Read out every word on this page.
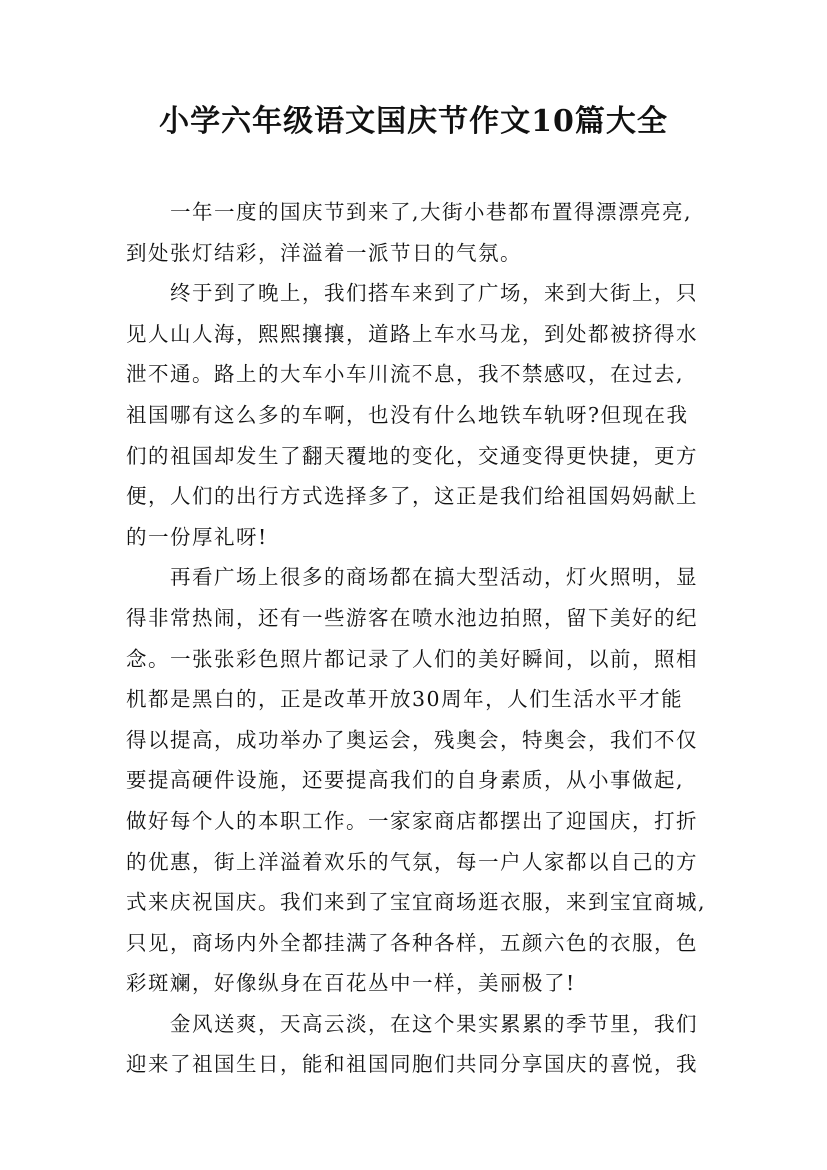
小学六年级语文国庆节作文10篇大全
一年一度的国庆节到来了,大街小巷都布置得漂漂亮亮,
到处张灯结彩，洋溢着一派节日的气氛。
终于到了晚上，我们搭车来到了广场，来到大街上，只
见人山人海，熙熙攘攘，道路上车水马龙，到处都被挤得水
泄不通。路上的大车小车川流不息，我不禁感叹，在过去,
祖国哪有这么多的车啊，也没有什么地铁车轨呀?但现在我
们的祖国却发生了翻天覆地的变化，交通变得更快捷，更方
便，人们的出行方式选择多了，这正是我们给祖国妈妈献上
的一份厚礼呀!
再看广场上很多的商场都在搞大型活动，灯火照明，显
得非常热闹，还有一些游客在喷水池边拍照，留下美好的纪
念。一张张彩色照片都记录了人们的美好瞬间，以前，照相
机都是黑白的，正是改革开放30周年，人们生活水平才能
得以提高，成功举办了奥运会，残奥会，特奥会，我们不仅
要提高硬件设施，还要提高我们的自身素质，从小事做起,
做好每个人的本职工作。一家家商店都摆出了迎国庆，打折
的优惠，街上洋溢着欢乐的气氛，每一户人家都以自己的方
式来庆祝国庆。我们来到了宝宜商场逛衣服，来到宝宜商城,
只见，商场内外全都挂满了各种各样，五颜六色的衣服，色
彩斑斓，好像纵身在百花丛中一样，美丽极了!
金风送爽，天高云淡，在这个果实累累的季节里，我们
迎来了祖国生日，能和祖国同胞们共同分享国庆的喜悦，我
